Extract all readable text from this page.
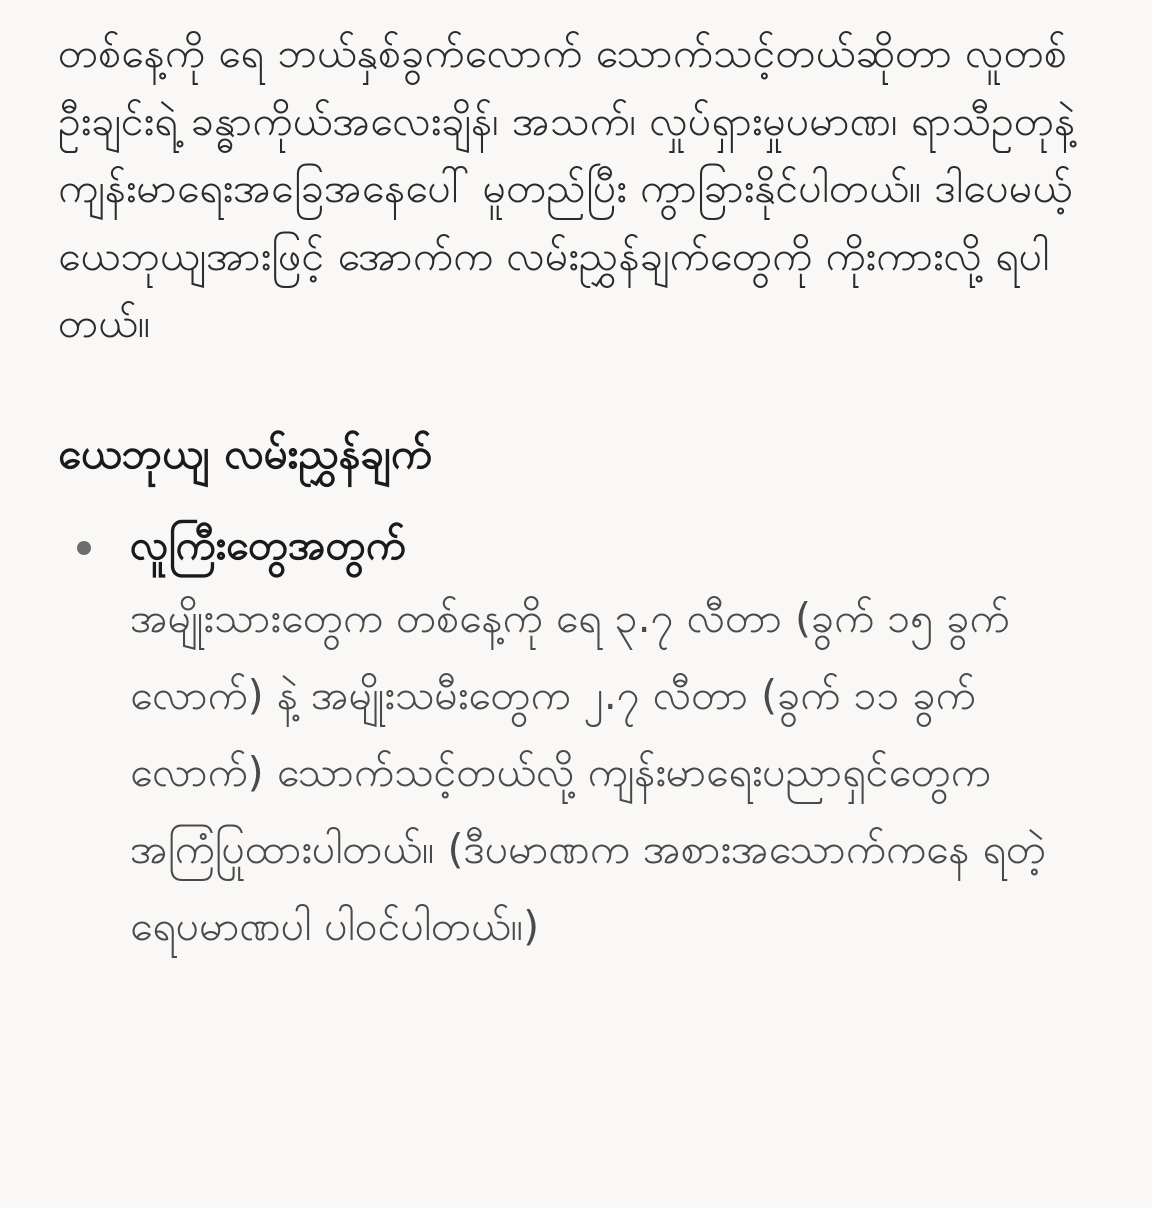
တစ်နေ့ကို ရေ ဘယ်နှစ်ခွက်လောက် သောက်သင့်တယ်ဆိုတာ လူတစ်ဦးချင်းရဲ့ ခန္ဓာကိုယ်အလေးချိန်၊ အသက်၊ လှုပ်ရှားမှုပမာဏ၊ ရာသီဥတုနဲ့ ကျန်းမာရေးအခြေအနေပေါ် မူတည်ပြီး ကွာခြားနိုင်ပါတယ်။ ဒါပေမယ့် ယေဘုယျအားဖြင့် အောက်က လမ်းညွှန်ချက်တွေကို ကိုးကားလို့ ရပါတယ်။

ယေဘုယျ လမ်းညွှန်ချက်
လူကြီးတွေအတွက်
အမျိုးသားတွေက တစ်နေ့ကို ရေ ၃.၇ လီတာ (ခွက် ၁၅ ခွက်လောက်) နဲ့ အမျိုးသမီးတွေက ၂.၇ လီတာ (ခွက် ၁၁ ခွက်လောက်) သောက်သင့်တယ်လို့ ကျန်းမာရေးပညာရှင်တွေက အကြံပြုထားပါတယ်။ (ဒီပမာဏက အစားအသောက်ကနေ ရတဲ့ ရေပမာဏပါ ပါဝင်ပါတယ်။)
